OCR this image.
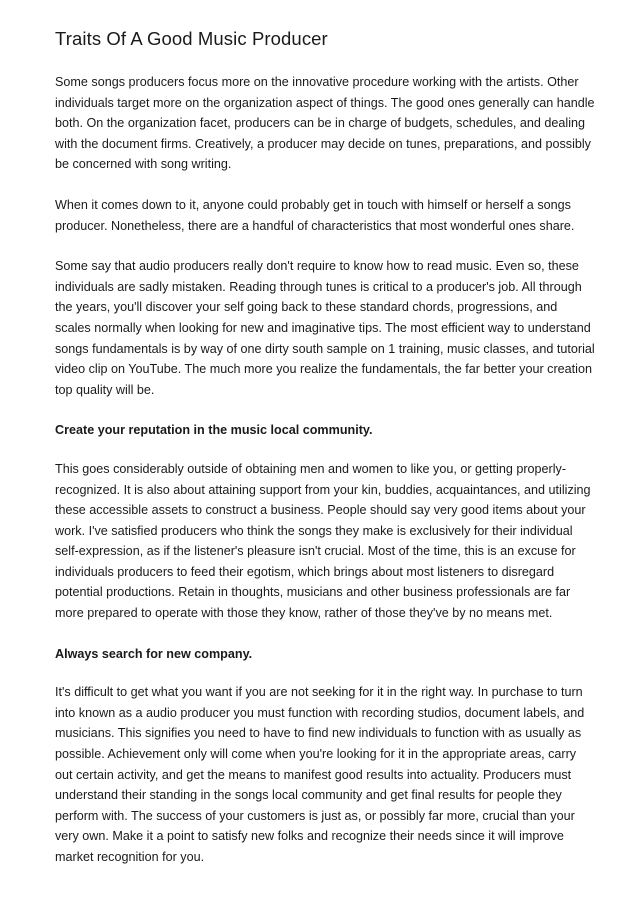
Traits Of A Good Music Producer

Some songs producers focus more on the innovative procedure working with the artists. Other individuals target more on the organization aspect of things. The good ones generally can handle both. On the organization facet, producers can be in charge of budgets, schedules, and dealing with the document firms. Creatively, a producer may decide on tunes, preparations, and possibly be concerned with song writing.

When it comes down to it, anyone could probably get in touch with himself or herself a songs producer. Nonetheless, there are a handful of characteristics that most wonderful ones share.

Some say that audio producers really don't require to know how to read music. Even so, these individuals are sadly mistaken. Reading through tunes is critical to a producer's job. All through the years, you'll discover your self going back to these standard chords, progressions, and scales normally when looking for new and imaginative tips. The most efficient way to understand songs fundamentals is by way of one dirty south sample on 1 training, music classes, and tutorial video clip on YouTube. The much more you realize the fundamentals, the far better your creation top quality will be.

Create your reputation in the music local community.

This goes considerably outside of obtaining men and women to like you, or getting properly-recognized. It is also about attaining support from your kin, buddies, acquaintances, and utilizing these accessible assets to construct a business. People should say very good items about your work. I've satisfied producers who think the songs they make is exclusively for their individual self-expression, as if the listener's pleasure isn't crucial. Most of the time, this is an excuse for individuals producers to feed their egotism, which brings about most listeners to disregard potential productions. Retain in thoughts, musicians and other business professionals are far more prepared to operate with those they know, rather of those they've by no means met.

Always search for new company.

It's difficult to get what you want if you are not seeking for it in the right way. In purchase to turn into known as a audio producer you must function with recording studios, document labels, and musicians. This signifies you need to have to find new individuals to function with as usually as possible. Achievement only will come when you're looking for it in the appropriate areas, carry out certain activity, and get the means to manifest good results into actuality. Producers must understand their standing in the songs local community and get final results for people they perform with. The success of your customers is just as, or possibly far more, crucial than your very own. Make it a point to satisfy new folks and recognize their needs since it will improve market recognition for you.
